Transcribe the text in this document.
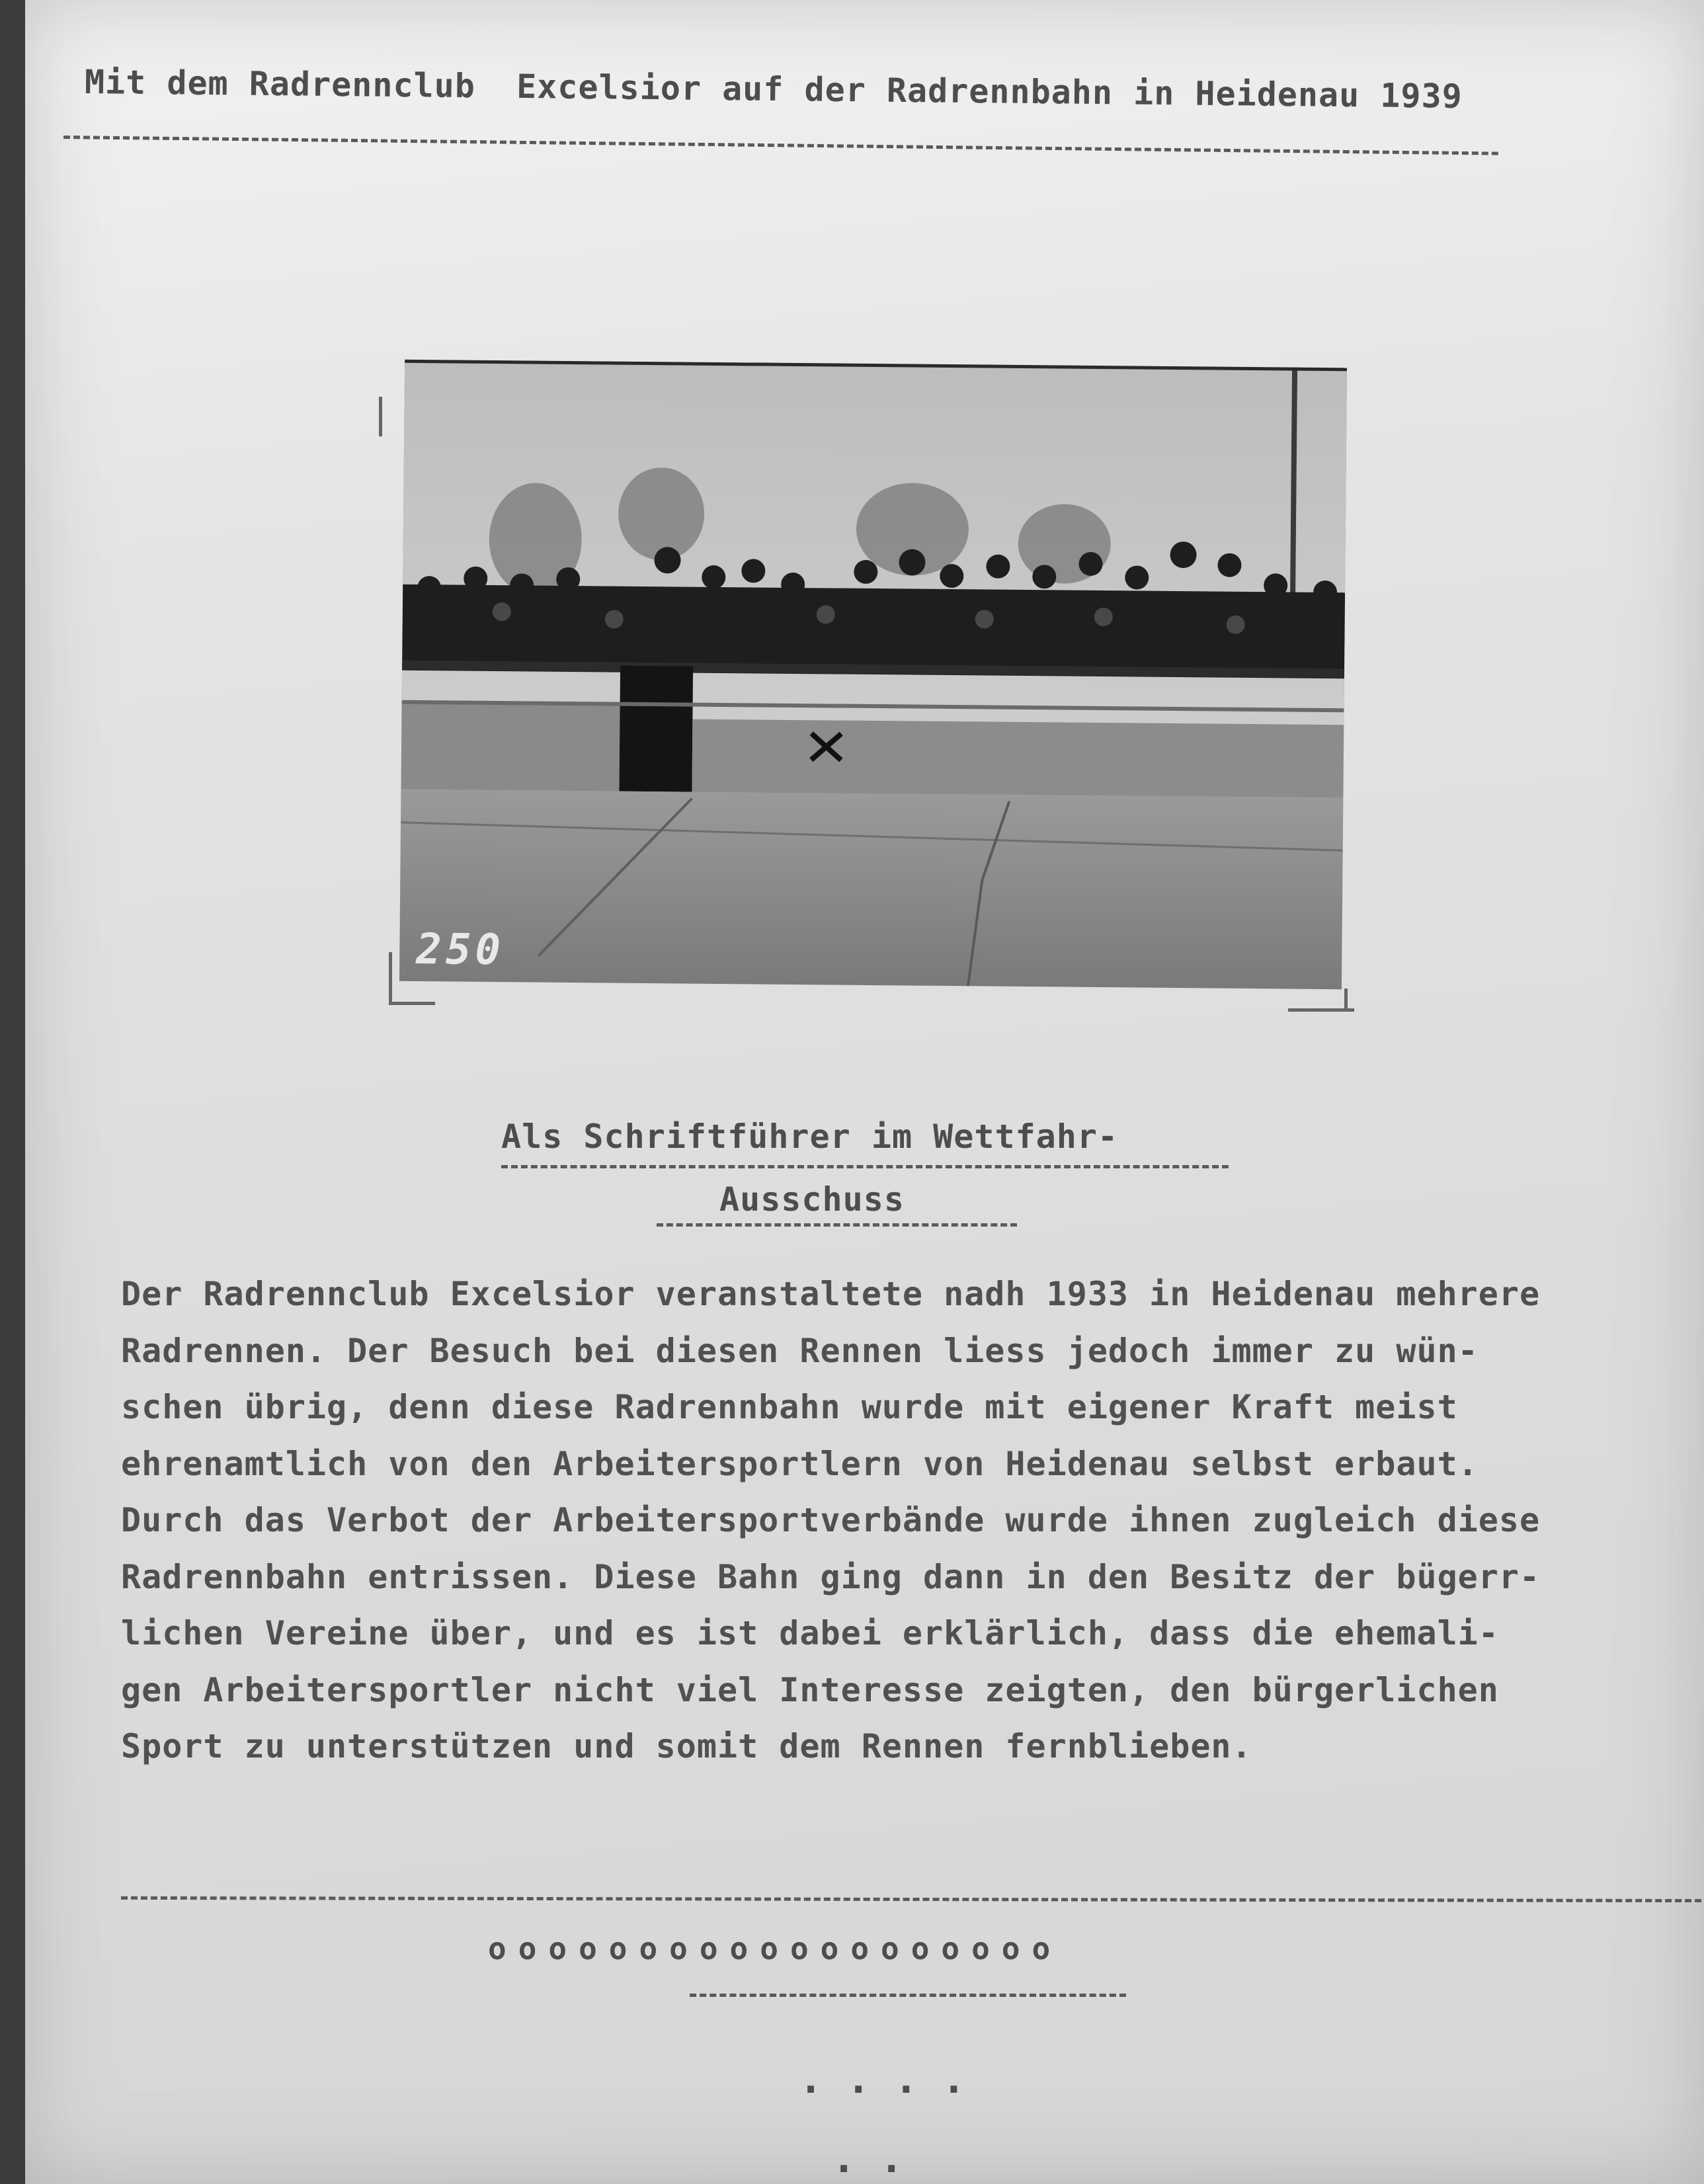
Mit dem Radrennclub  Excelsior auf der Radrennbahn in Heidenau 1939
250
Als Schriftführer im Wettfahr-
Ausschuss
Der Radrennclub Excelsior veranstaltete nadh 1933 in Heidenau mehrere
Radrennen. Der Besuch bei diesen Rennen liess jedoch immer zu wün-
schen übrig, denn diese Radrennbahn wurde mit eigener Kraft meist
ehrenamtlich von den Arbeitersportlern von Heidenau selbst erbaut.
Durch das Verbot der Arbeitersportverbände wurde ihnen zugleich diese
Radrennbahn entrissen. Diese Bahn ging dann in den Besitz der bügerr-
lichen Vereine über, und es ist dabei erklärlich, dass die ehemali-
gen Arbeitersportler nicht viel Interesse zeigten, den bürgerlichen
Sport zu unterstützen und somit dem Rennen fernblieben.
ooooooooooooooooooo
....
..
